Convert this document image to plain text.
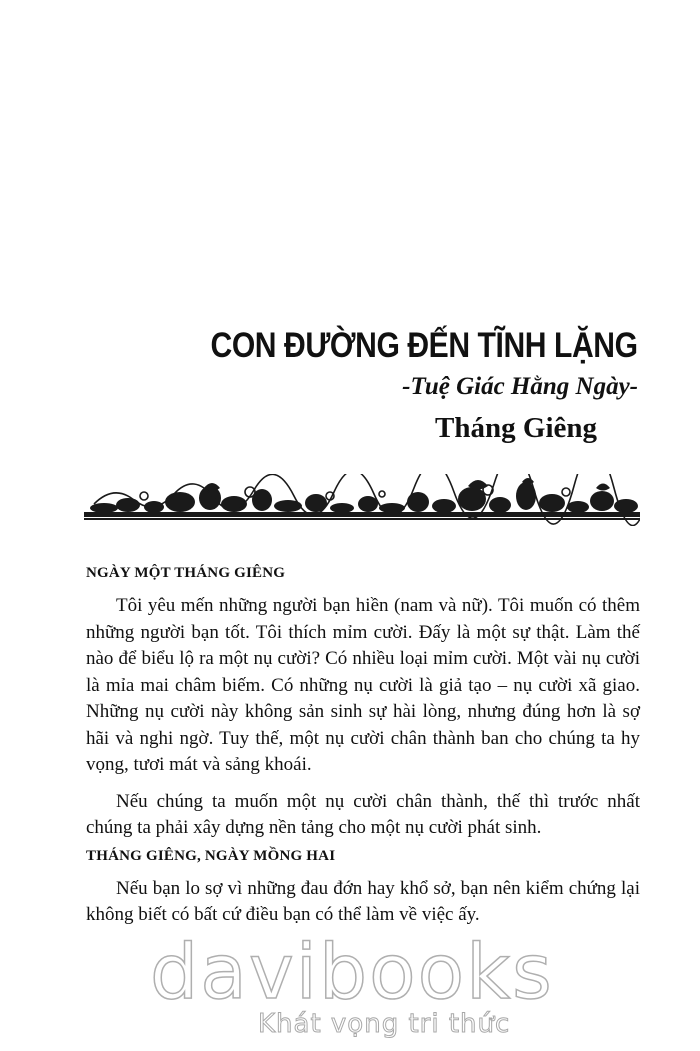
CON ĐƯỜNG ĐẾN TĨNH LẶNG
-Tuệ Giác Hằng Ngày-
Tháng Giêng
NGÀY MỘT THÁNG GIÊNG

Tôi yêu mến những người bạn hiền (nam và nữ). Tôi muốn có thêm những người bạn tốt. Tôi thích mỉm cười. Đấy là một sự thật. Làm thế nào để biểu lộ ra một nụ cười? Có nhiều loại mỉm cười. Một vài nụ cười là mỉa mai châm biếm. Có những nụ cười là giả tạo – nụ cười xã giao. Những nụ cười này không sản sinh sự hài lòng, nhưng đúng hơn là sợ hãi và nghi ngờ. Tuy thế, một nụ cười chân thành ban cho chúng ta hy vọng, tươi mát và sảng khoái.

Nếu chúng ta muốn một nụ cười chân thành, thế thì trước nhất chúng ta phải xây dựng nền tảng cho một nụ cười phát sinh.

THÁNG GIÊNG, NGÀY MỒNG HAI

Nếu bạn lo sợ vì những đau đớn hay khổ sở, bạn nên kiểm chứng lại không biết có bất cứ điều bạn có thể làm về việc ấy.

davibooks
Khát vọng tri thức
